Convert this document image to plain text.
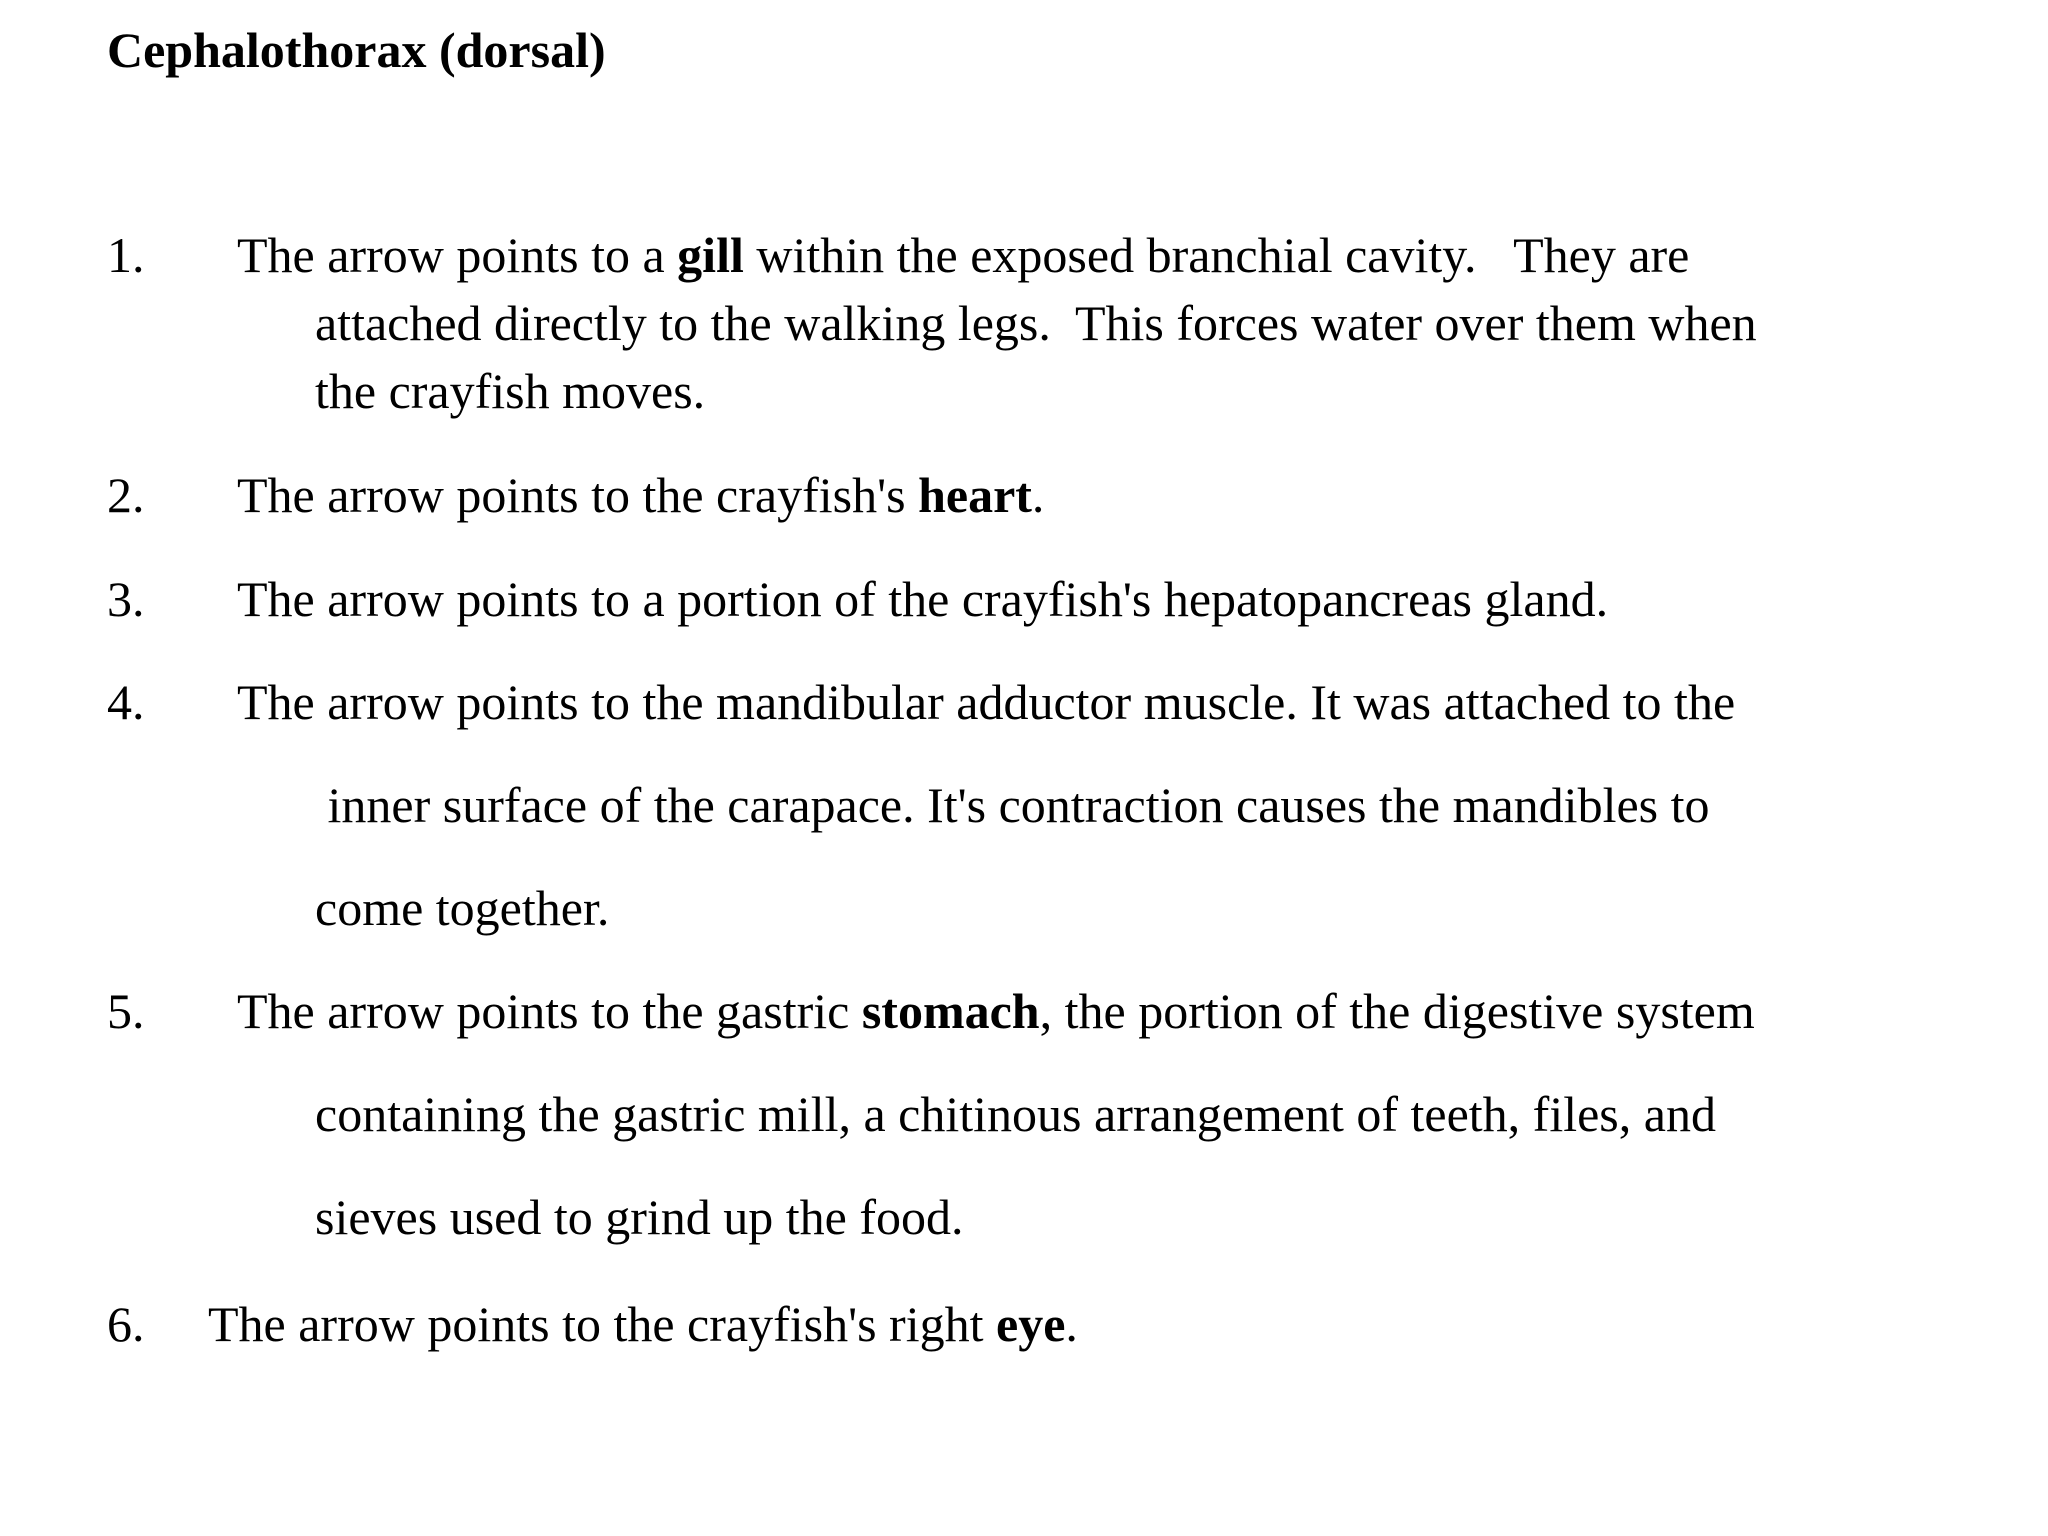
Cephalothorax (dorsal)
1. The arrow points to a gill within the exposed branchial cavity.   They are
attached directly to the walking legs.  This forces water over them when
the crayfish moves.
2. The arrow points to the crayfish's heart.
3. The arrow points to a portion of the crayfish's hepatopancreas gland.
4. The arrow points to the mandibular adductor muscle. It was attached to the
inner surface of the carapace. It's contraction causes the mandibles to
come together.
5. The arrow points to the gastric stomach, the portion of the digestive system
containing the gastric mill, a chitinous arrangement of teeth, files, and
sieves used to grind up the food.
6. The arrow points to the crayfish's right eye.
